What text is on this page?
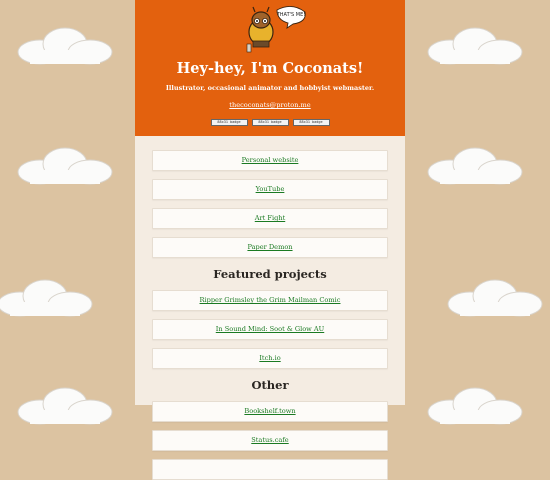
THAT'S ME!
Hey-hey, I'm Coconats!

Illustrator, occasional animator and hobbyist webmaster.

thecoconats@proton.me
88x31 badge	88x31 badge	88x31 badge
Personal website
YouTube
Art Fight
Paper Demon
Featured projects
Ripper Grimsley the Grim Mailman Comic
In Sound Mind: Soot & Glow AU
Itch.io
Other
Bookshelf.town
Status.cafe
